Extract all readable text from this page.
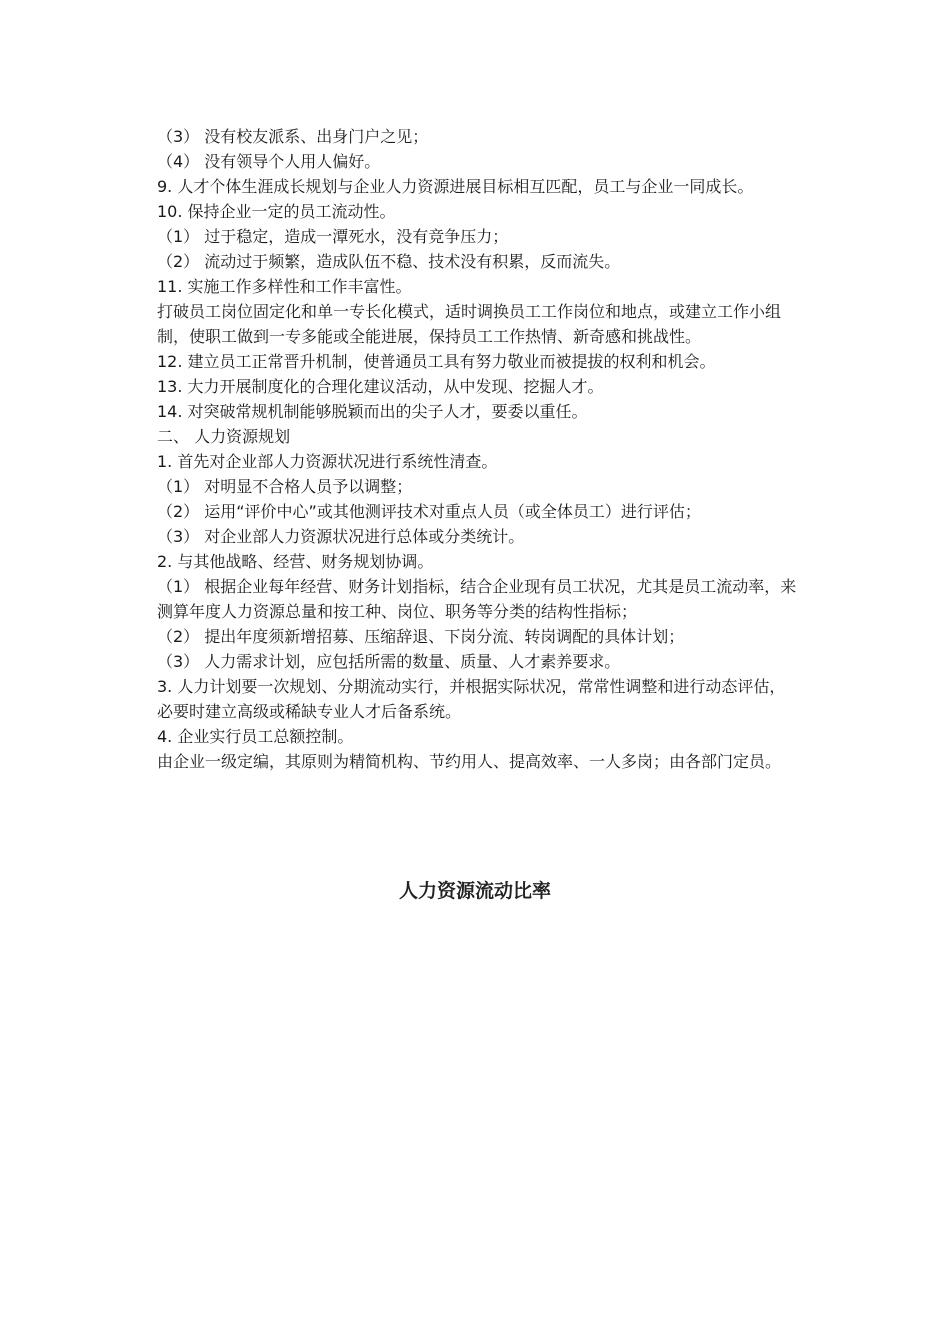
（3） 没有校友派系、出身门户之见；

（4） 没有领导个人用人偏好。

9. 人才个体生涯成长规划与企业人力资源进展目标相互匹配，员工与企业一同成长。

10. 保持企业一定的员工流动性。

（1） 过于稳定，造成一潭死水，没有竞争压力；

（2） 流动过于频繁，造成队伍不稳、技术没有积累，反而流失。

11. 实施工作多样性和工作丰富性。

打破员工岗位固定化和单一专长化模式，适时调换员工工作岗位和地点，或建立工作小组制，使职工做到一专多能或全能进展，保持员工工作热情、新奇感和挑战性。

12. 建立员工正常晋升机制，使普通员工具有努力敬业而被提拔的权利和机会。

13. 大力开展制度化的合理化建议活动，从中发现、挖掘人才。

14. 对突破常规机制能够脱颖而出的尖子人才，要委以重任。

二、 人力资源规划

1. 首先对企业部人力资源状况进行系统性清查。

（1） 对明显不合格人员予以调整；

（2） 运用“评价中心”或其他测评技术对重点人员（或全体员工）进行评估；

（3） 对企业部人力资源状况进行总体或分类统计。

2. 与其他战略、经营、财务规划协调。

（1） 根据企业每年经营、财务计划指标，结合企业现有员工状况，尤其是员工流动率，来测算年度人力资源总量和按工种、岗位、职务等分类的结构性指标；

（2） 提出年度须新增招募、压缩辞退、下岗分流、转岗调配的具体计划；

（3） 人力需求计划，应包括所需的数量、质量、人才素养要求。

3. 人力计划要一次规划、分期流动实行，并根据实际状况，常常性调整和进行动态评估，必要时建立高级或稀缺专业人才后备系统。

4. 企业实行员工总额控制。

由企业一级定编，其原则为精简机构、节约用人、提高效率、一人多岗；由各部门定员。

人力资源流动比率
